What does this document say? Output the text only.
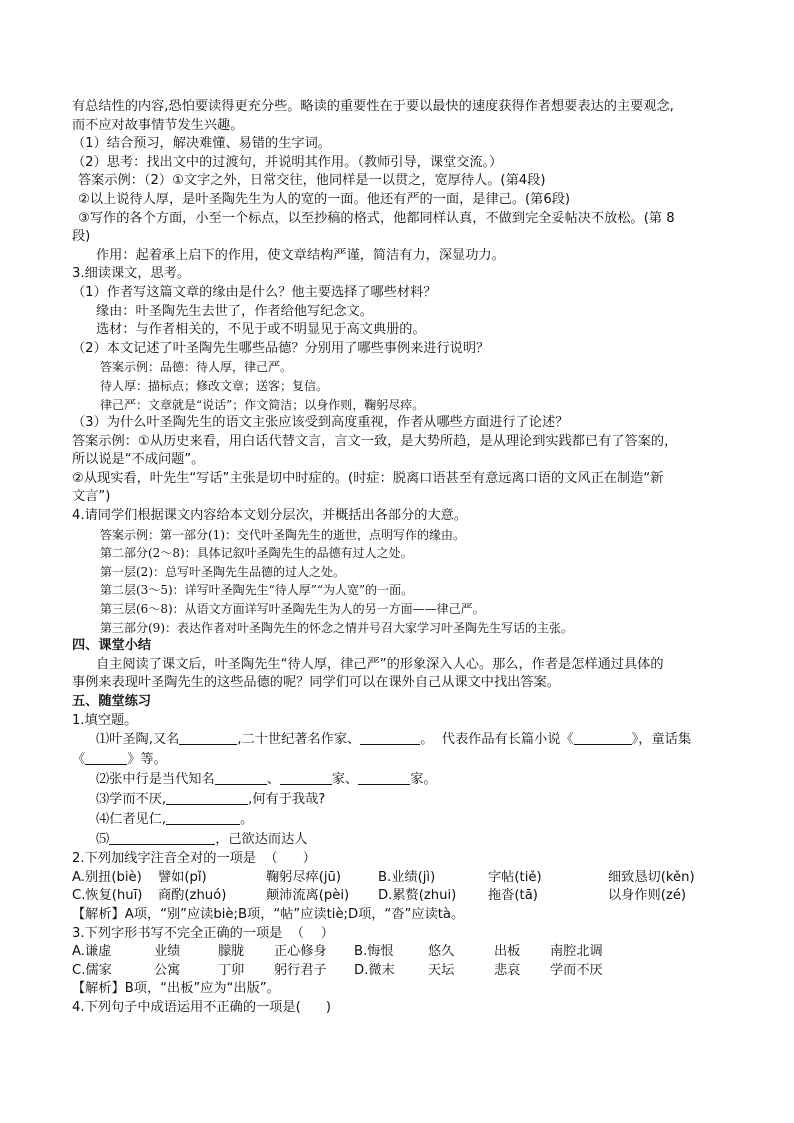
有总结性的内容,恐怕要读得更充分些。略读的重要性在于要以最快的速度获得作者想要表达的主要观念,
而不应对故事情节发生兴趣。
（1）结合预习，解决难懂、易错的生字词。
（2）思考：找出文中的过渡句，并说明其作用。（教师引导，课堂交流。）
答案示例：（2）①文字之外，日常交往，他同样是一以贯之，宽厚待人。(第4段)
②以上说待人厚，是叶圣陶先生为人的宽的一面。他还有严的一面，是律己。(第6段)
③写作的各个方面，小至一个标点，以至抄稿的格式，他都同样认真，不做到完全妥帖决不放松。(第 8
段)
作用：起着承上启下的作用，使文章结构严谨，简洁有力，深显功力。
3.细读课文，思考。
（1）作者写这篇文章的缘由是什么？他主要选择了哪些材料？
缘由：叶圣陶先生去世了，作者给他写纪念文。
选材：与作者相关的，不见于或不明显见于高文典册的。
（2）本文记述了叶圣陶先生哪些品德？分别用了哪些事例来进行说明？
答案示例：品德：待人厚，律己严。
待人厚：描标点；修改文章；送客；复信。
律己严：文章就是“说话”；作文简洁；以身作则，鞠躬尽瘁。
（3）为什么叶圣陶先生的语文主张应该受到高度重视，作者从哪些方面进行了论述？
答案示例：①从历史来看，用白话代替文言，言文一致，是大势所趋，是从理论到实践都已有了答案的，
所以说是“不成问题”。
②从现实看，叶先生“写话”主张是切中时症的。(时症：脱离口语甚至有意远离口语的文风正在制造“新
文言”)
4.请同学们根据课文内容给本文划分层次，并概括出各部分的大意。
答案示例：第一部分(1)：交代叶圣陶先生的逝世，点明写作的缘由。
第二部分(2～8)：具体记叙叶圣陶先生的品德有过人之处。
第一层(2)：总写叶圣陶先生品德的过人之处。
第二层(3～5)：详写叶圣陶先生“待人厚”“为人宽”的一面。
第三层(6～8)：从语文方面详写叶圣陶先生为人的另一方面——律己严。
第三部分(9)：表达作者对叶圣陶先生的怀念之情并号召大家学习叶圣陶先生写话的主张。
四、课堂小结
自主阅读了课文后，叶圣陶先生“待人厚，律己严”的形象深入人心。那么，作者是怎样通过具体的
事例来表现叶圣陶先生的这些品德的呢？同学们可以在课外自己从课文中找出答案。
五、随堂练习
1.填空题。
⑴叶圣陶,又名	,二十世纪著名作家、	。  代表作品有长篇小说《	》，童话集
《	》等。
⑵张中行是当代知名	、	家、	家。
⑶学而不厌,	,何有于我哉?
⑷仁者见仁,	。
⑸	，己欲达而达人
2.下列加线字注音全对的一项是  （      ）
A.别扭(biè)	譬如(pǐ)	鞠躬尽瘁(jū)	B.业绩(jì)	字帖(tiě)	细致恳切(kěn)
C.恢复(huī)	商酌(zhuó)	颠沛流离(pèi)	D.累赘(zhui)	拖沓(tā)	以身作则(zé)
【解析】A项，“别”应读biè;B项，“帖”应读tiè;D项，“沓”应读tà。
3.下列字形书写不完全正确的一项是  （    ）
A.谦虚	业绩	朦胧	正心修身	B.悔恨	悠久	出板	南腔北调
C.儒家	公寓	丁卯	躬行君子	D.微末	天坛	悲哀	学而不厌
【解析】B项，“出板”应为“出版”。
4.下列句子中成语运用不正确的一项是(      )
